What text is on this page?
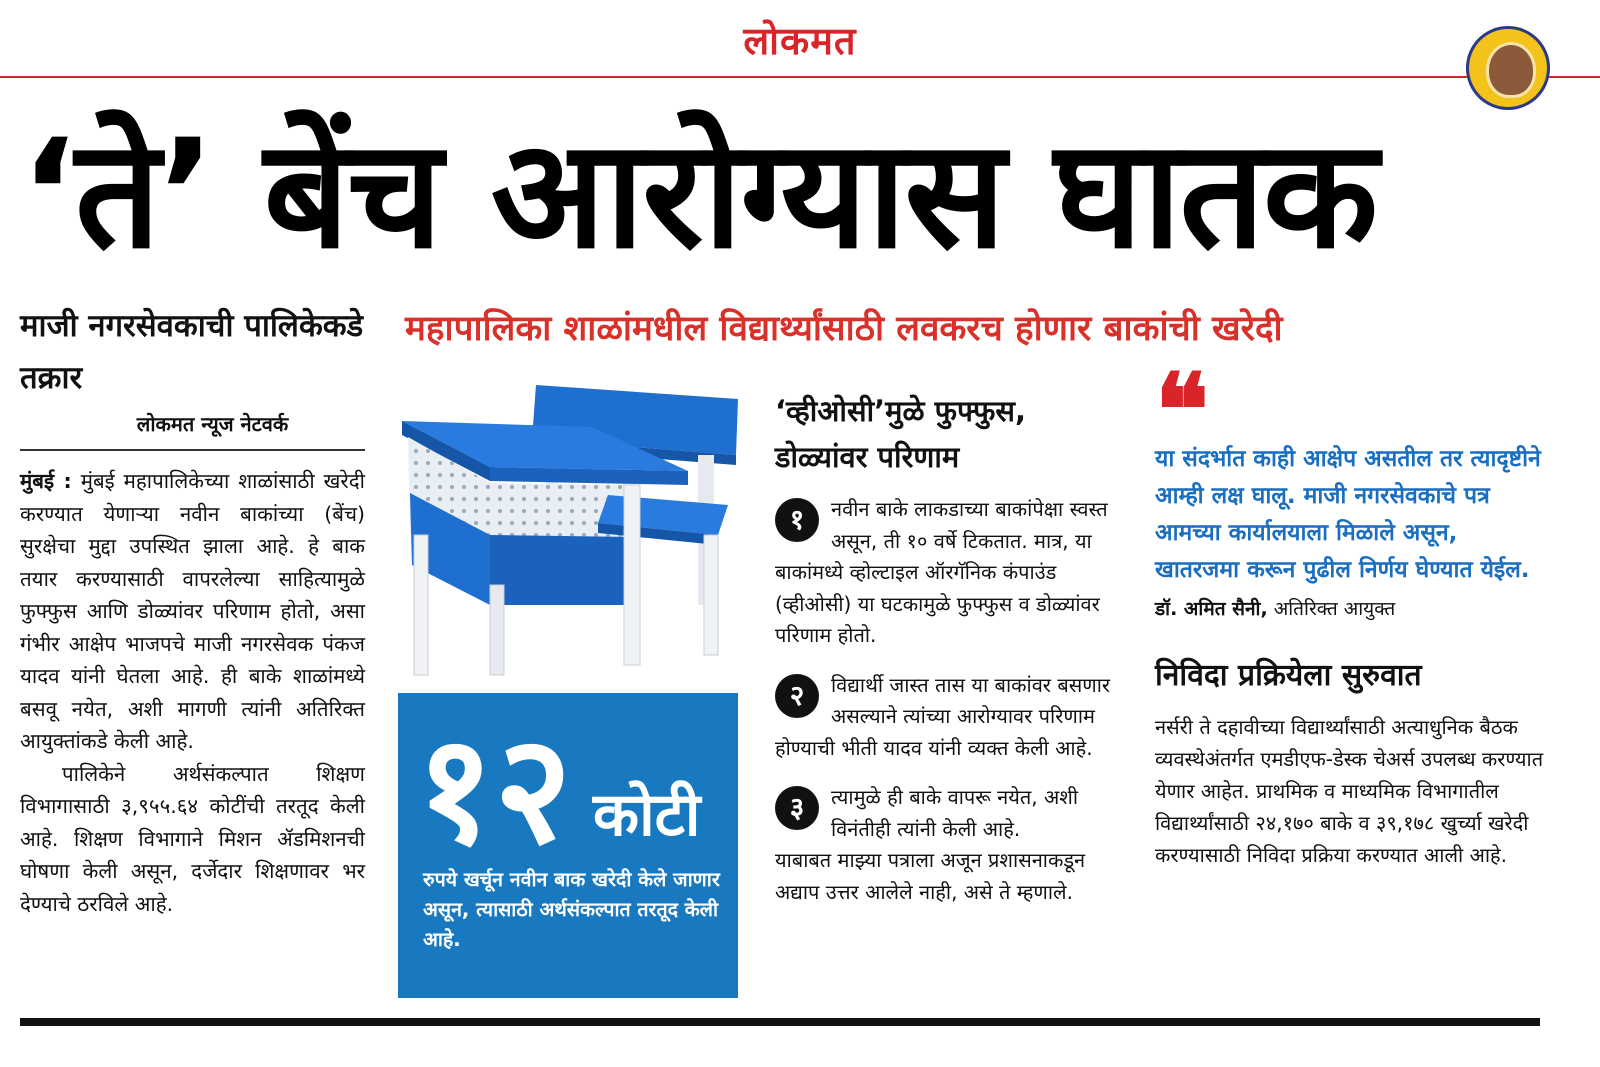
लोकमत
‘ते’ बेंच आरोग्यास घातक
महापालिका शाळांमधील विद्यार्थ्यांसाठी लवकरच होणार बाकांची खरेदी
माजी नगरसेवकाची पालिकेकडे तक्रार
लोकमत न्यूज नेटवर्क
मुंबई : मुंबई महापालिकेच्या शाळांसाठी खरेदी करण्यात येणाऱ्या नवीन बाकांच्या (बेंच) सुरक्षेचा मुद्दा उपस्थित झाला आहे. हे बाक तयार करण्यासाठी वापरलेल्या साहित्यामुळे फुफ्फुस आणि डोळ्यांवर परिणाम होतो, असा गंभीर आक्षेप भाजपचे माजी नगरसेवक पंकज यादव यांनी घेतला आहे. ही बाके शाळांमध्ये बसवू नयेत, अशी मागणी त्यांनी अतिरिक्त आयुक्तांकडे केली आहे.
पालिकेने अर्थसंकल्पात शिक्षण विभागासाठी ३,९५५.६४ कोटींची तरतूद केली आहे. शिक्षण विभागाने मिशन ॲडमिशनची घोषणा केली असून, दर्जेदार शिक्षणावर भर देण्याचे ठरविले आहे.
१२ कोटी
रुपये खर्चून नवीन बाक खरेदी केले जाणार असून, त्यासाठी अर्थसंकल्पात तरतूद केली आहे.
‘व्हीओसी’मुळे फुफ्फुस, डोळ्यांवर परिणाम
१	नवीन बाके लाकडाच्या बाकांपेक्षा स्वस्त असून, ती १० वर्षे टिकतात. मात्र, या बाकांमध्ये व्होल्टाइल ऑरगॅनिक कंपाउंड (व्हीओसी) या घटकामुळे फुफ्फुस व डोळ्यांवर परिणाम होतो.
२	विद्यार्थी जास्त तास या बाकांवर बसणार असल्याने त्यांच्या आरोग्यावर परिणाम होण्याची भीती यादव यांनी व्यक्त केली आहे.
३	त्यामुळे ही बाके वापरू नयेत, अशी विनंतीही त्यांनी केली आहे.
याबाबत माझ्या पत्राला अजून प्रशासनाकडून अद्याप उत्तर आलेले नाही, असे ते म्हणाले.
❝
या संदर्भात काही आक्षेप असतील तर त्यादृष्टीने आम्ही लक्ष घालू. माजी नगरसेवकाचे पत्र आमच्या कार्यालयाला मिळाले असून, खातरजमा करून पुढील निर्णय घेण्यात येईल.
डॉ. अमित सैनी, अतिरिक्त आयुक्त
निविदा प्रक्रियेला सुरुवात
नर्सरी ते दहावीच्या विद्यार्थ्यांसाठी अत्याधुनिक बैठक व्यवस्थेअंतर्गत एमडीएफ-डेस्क चेअर्स उपलब्ध करण्यात येणार आहेत. प्राथमिक व माध्यमिक विभागातील विद्यार्थ्यांसाठी २४,१७० बाके व ३९,१७८ खुर्च्या खरेदी करण्यासाठी निविदा प्रक्रिया करण्यात आली आहे.
